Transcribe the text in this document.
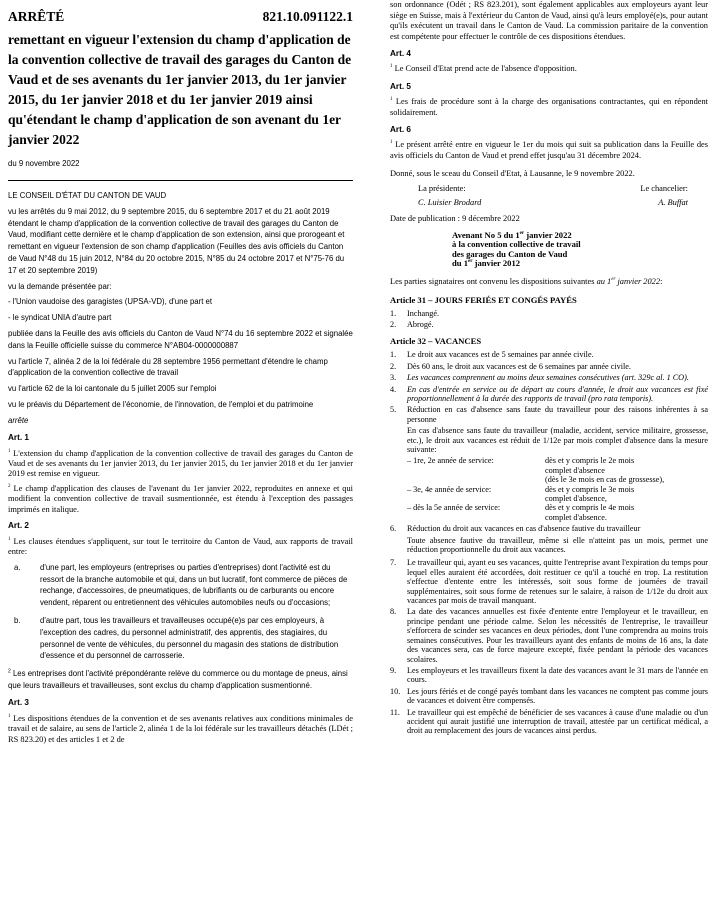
ARRÊTÉ	821.10.091122.1
remettant en vigueur l'extension du champ d'application de la convention collective de travail des garages du Canton de Vaud et de ses avenants du 1er janvier 2013, du 1er janvier 2015, du 1er janvier 2018 et du 1er janvier 2019 ainsi qu'étendant le champ d'application de son avenant du 1er janvier 2022
du 9 novembre 2022

LE CONSEIL D'ÉTAT DU CANTON DE VAUD

vu les arrêtés du 9 mai 2012, du 9 septembre 2015, du 6 septembre 2017 et du 21 août 2019 étendant le champ d'application de la convention collective de travail des garages du Canton de Vaud, modifiant cette dernière et le champ d'application de son extension, ainsi que prorogeant et remettant en vigueur l'extension de son champ d'application (Feuilles des avis officiels du Canton de Vaud N°48 du 15 juin 2012, N°84 du 20 octobre 2015, N°85 du 24 octobre 2017 et N°75-76 du 17 et 20 septembre 2019)

vu la demande présentée par:

- l'Union vaudoise des garagistes (UPSA-VD), d'une part et

- le syndicat UNIA d'autre part

publiée dans la Feuille des avis officiels du Canton de Vaud N°74 du 16 septembre 2022 et signalée dans la Feuille officielle suisse du commerce N°AB04-0000000887

vu l'article 7, alinéa 2 de la loi fédérale du 28 septembre 1956 permettant d'étendre le champ d'application de la convention collective de travail

vu l'article 62 de la loi cantonale du 5 juillet 2005 sur l'emploi

vu le préavis du Département de l'économie, de l'innovation, de l'emploi et du patrimoine

arrête

Art. 1

$^1$ L'extension du champ d'application de la convention collective de travail des garages du Canton de Vaud et de ses avenants du 1er janvier 2013, du 1er janvier 2015, du 1er janvier 2018 et du 1er janvier 2019 est remise en vigueur.

$^2$ Le champ d'application des clauses de l'avenant du 1er janvier 2022, reproduites en annexe et qui modifient la convention collective de travail susmentionnée, est étendu à l'exception des passages imprimés en italique.

Art. 2

$^1$ Les clauses étendues s'appliquent, sur tout le territoire du Canton de Vaud, aux rapports de travail entre:

a.	d'une part, les employeurs (entreprises ou parties d'entreprises) dont l'activité est du ressort de la branche automobile et qui, dans un but lucratif, font commerce de pièces de rechange, d'accessoires, de pneumatiques, de lubrifiants ou de carburants ou encore vendent, réparent ou entretiennent des véhicules automobiles neufs ou d'occasions;
b.	d'autre part, tous les travailleurs et travailleuses occupé(e)s par ces employeurs, à l'exception des cadres, du personnel administratif, des apprentis, des stagiaires, du personnel de vente de véhicules, du personnel du magasin des stations de distribution d'essence et du personnel de carrosserie.

$^2$ Les entreprises dont l'activité prépondérante relève du commerce ou du montage de pneus, ainsi que leurs travailleurs et travailleuses, sont exclus du champ d'application susmentionné.

Art. 3

$^1$ Les dispositions étendues de la convention et de ses avenants relatives aux conditions minimales de travail et de salaire, au sens de l'article 2, alinéa 1 de la loi fédérale sur les travailleurs détachés (LDét ; RS 823.20) et des articles 1 et 2 de

son ordonnance (Odét ; RS 823.201), sont également applicables aux employeurs ayant leur siège en Suisse, mais à l'extérieur du Canton de Vaud, ainsi qu'à leurs employé(e)s, pour autant qu'ils exécutent un travail dans le Canton de Vaud. La commission paritaire de la convention est compétente pour effectuer le contrôle de ces dispositions étendues.

Art. 4

$^1$ Le Conseil d'Etat prend acte de l'absence d'opposition.

Art. 5

$^1$ Les frais de procédure sont à la charge des organisations contractantes, qui en répondent solidairement.

Art. 6

$^1$ Le présent arrêté entre en vigueur le 1er du mois qui suit sa publication dans la Feuille des avis officiels du Canton de Vaud et prend effet jusqu'au 31 décembre 2024.

Donné, sous le sceau du Conseil d'Etat, à Lausanne, le 9 novembre 2022.

La présidente:	Le chancelier:
C. Luisier Brodard	A. Buffat

Date de publication : 9 décembre 2022

Avenant No 5 du 1er janvier 2022
à la convention collective de travail
des garages du Canton de Vaud
du 1er janvier 2012

Les parties signataires ont convenu les dispositions suivantes au 1er janvier 2022:

Article 31 – JOURS FERIÉS ET CONGÉS PAYÉS
1.	Inchangé.
2.	Abrogé.
Article 32 – VACANCES
1.	Le droit aux vacances est de 5 semaines par année civile.
2.	Dès 60 ans, le droit aux vacances est de 6 semaines par année civile.
3.	Les vacances comprennent au moins deux semaines consécutives (art. 329c al. 1 CO).
4.	En cas d'entrée en service ou de départ au cours d'année, le droit aux vacances est fixé proportionnellement à la durée des rapports de travail (pro rata temporis).
5.	Réduction en cas d'absence sans faute du travailleur pour des raisons inhérentes à sa personne
En cas d'absence sans faute du travailleur (maladie, accident, service militaire, grossesse, etc.), le droit aux vacances est réduit de 1/12e par mois complet d'absence dans la mesure suivante:
– 1re, 2e année de service:	dès et y compris le 2e mois
complet d'absence
(dès le 3e mois en cas de grossesse),
– 3e, 4e année de service:	dès et y compris le 3e mois
complet d'absence,
– dès la 5e année de service:	dès et y compris le 4e mois
complet d'absence.
6.	Réduction du droit aux vacances en cas d'absence fautive du travailleur
Toute absence fautive du travailleur, même si elle n'atteint pas un mois, permet une réduction proportionnelle du droit aux vacances.
7.	Le travailleur qui, ayant eu ses vacances, quitte l'entreprise avant l'expiration du temps pour lequel elles auraient été accordées, doit restituer ce qu'il a touché en trop. La restitution s'effectue d'entente entre les intéressés, soit sous forme de journées de travail supplémentaires, soit sous forme de retenues sur le salaire, à raison de 1/12e du droit aux vacances par mois de travail manquant.
8.	La date des vacances annuelles est fixée d'entente entre l'employeur et le travailleur, en principe pendant une période calme. Selon les nécessités de l'entreprise, le travailleur s'efforcera de scinder ses vacances en deux périodes, dont l'une comprendra au moins trois semaines consécutives. Pour les travailleurs ayant des enfants de moins de 16 ans, la date des vacances sera, cas de force majeure excepté, fixée pendant la période des vacances scolaires.
9.	Les employeurs et les travailleurs fixent la date des vacances avant le 31 mars de l'année en cours.
10. Les jours fériés et de congé payés tombant dans les vacances ne comptent pas comme jours de vacances et doivent être compensés.
11. Le travailleur qui est empêché de bénéficier de ses vacances à cause d'une maladie ou d'un accident qui aurait justifié une interruption de travail, attestée par un certificat médical, a droit au remplacement des jours de vacances ainsi perdus.
